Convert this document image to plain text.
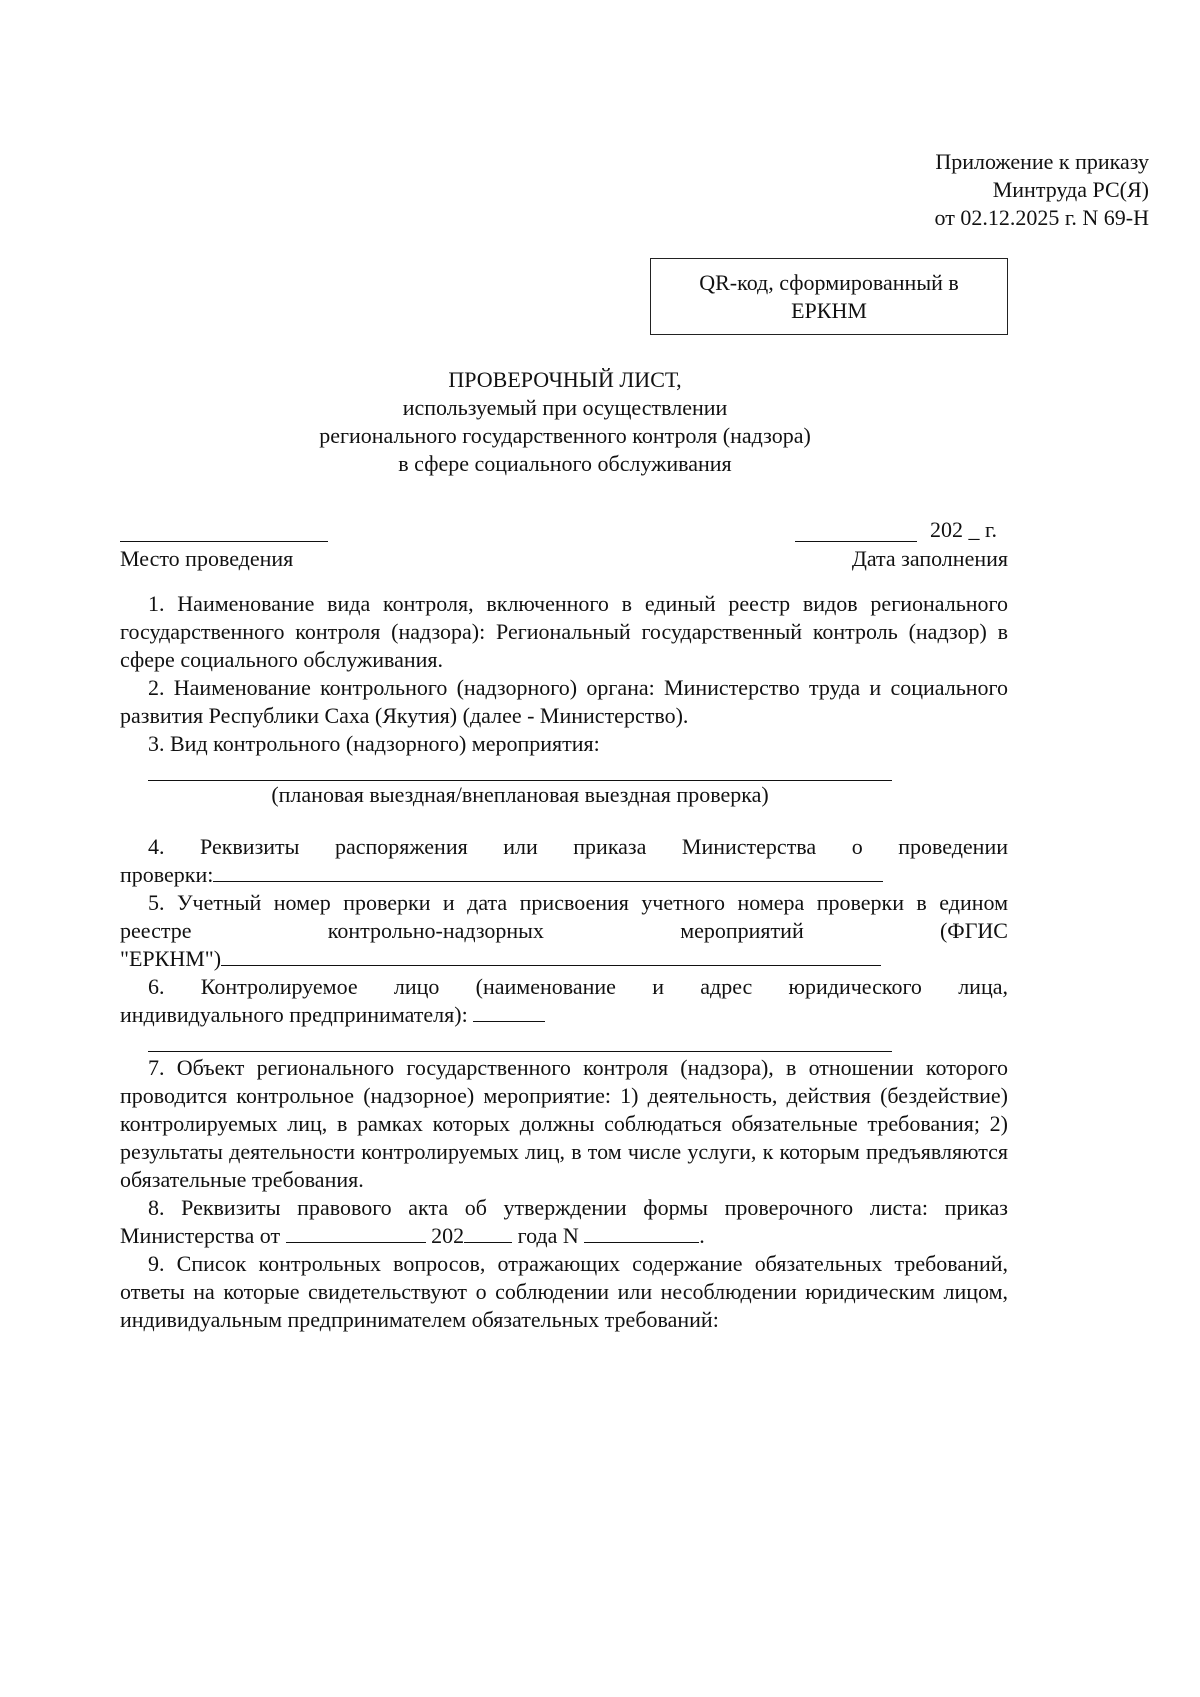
Приложение к приказу
Минтруда РС(Я)
от 02.12.2025 г. N 69-Н
QR-код, сформированный в
ЕРКНМ
ПРОВЕРОЧНЫЙ ЛИСТ,
используемый при осуществлении
регионального государственного контроля (надзора)
в сфере социального обслуживания
Место проведения
202 _ г.
Дата заполнения

1. Наименование вида контроля, включенного в единый реестр видов регионального государственного контроля (надзора): Региональный государственный контроль (надзор) в сфере социального обслуживания.

2. Наименование контрольного (надзорного) органа: Министерство труда и социального развития Республики Саха (Якутия) (далее - Министерство).

3. Вид контрольного (надзорного) мероприятия:

(плановая выездная/внеплановая выездная проверка)

4. Реквизиты распоряжения или приказа Министерства о проведении

проверки:

5. Учетный номер проверки и дата присвоения учетного номера проверки в едином

реестре	контрольно-надзорных	мероприятий	(ФГИС
"ЕРКНМ")

6. Контролируемое лицо (наименование и адрес юридического лица,

индивидуального предпринимателя):

7. Объект регионального государственного контроля (надзора), в отношении которого проводится контрольное (надзорное) мероприятие: 1) деятельность, действия (бездействие) контролируемых лиц, в рамках которых должны соблюдаться обязательные требования; 2) результаты деятельности контролируемых лиц, в том числе услуги, к которым предъявляются обязательные требования.

8. Реквизиты правового акта об утверждении формы проверочного листа: приказ

Министерства от	202 года N	.

9. Список контрольных вопросов, отражающих содержание обязательных требований, ответы на которые свидетельствуют о соблюдении или несоблюдении юридическим лицом, индивидуальным предпринимателем обязательных требований:
